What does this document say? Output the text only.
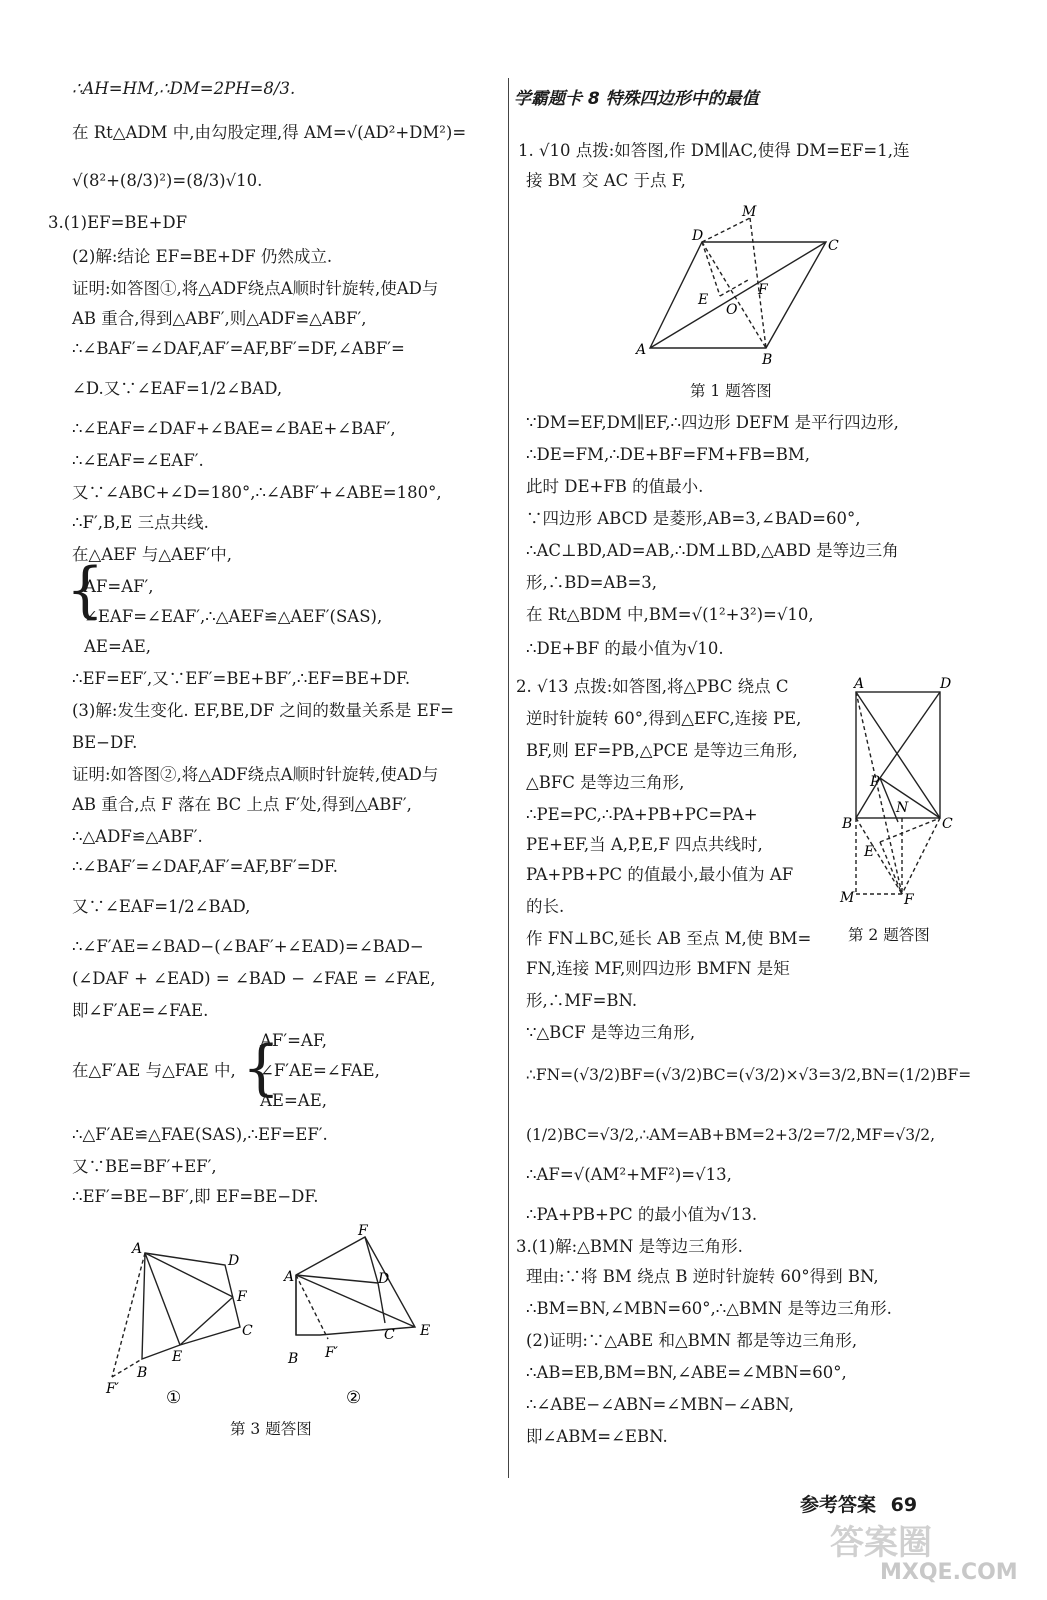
∴AH=HM,∴DM=2PH=8/3.
在 Rt△ADM 中,由勾股定理,得 AM=√(AD²+DM²)=
√(8²+(8/3)²)=(8/3)√10.
3.(1)EF=BE+DF
(2)解:结论 EF=BE+DF 仍然成立.
证明:如答图①,将△ADF绕点A顺时针旋转,使AD与
AB 重合,得到△ABF′,则△ADF≌△ABF′,
∴∠BAF′=∠DAF,AF′=AF,BF′=DF,∠ABF′=
∠D.又∵∠EAF=1/2∠BAD,
∴∠EAF=∠DAF+∠BAE=∠BAE+∠BAF′,
∴∠EAF=∠EAF′.
又∵∠ABC+∠D=180°,∴∠ABF′+∠ABE=180°,
∴F′,B,E 三点共线.
在△AEF 与△AEF′中,
{
AF=AF′,
∠EAF=∠EAF′,∴△AEF≌△AEF′(SAS),
AE=AE,
∴EF=EF′,又∵EF′=BE+BF′,∴EF=BE+DF.
(3)解:发生变化. EF,BE,DF 之间的数量关系是 EF=
BE−DF.
证明:如答图②,将△ADF绕点A顺时针旋转,使AD与
AB 重合,点 F 落在 BC 上点 F′处,得到△ABF′,
∴△ADF≌△ABF′.
∴∠BAF′=∠DAF,AF′=AF,BF′=DF.
又∵∠EAF=1/2∠BAD,
∴∠F′AE=∠BAD−(∠BAF′+∠EAD)=∠BAD−
(∠DAF + ∠EAD) = ∠BAD − ∠FAE = ∠FAE,
即∠F′AE=∠FAE.
AF′=AF,
在△F′AE 与△FAE 中, {
∠F′AE=∠FAE,
AE=AE,
∴△F′AE≌△FAE(SAS),∴EF=EF′.
又∵BE=BF′+EF′,
∴EF′=BE−BF′,即 EF=BE−DF.
A
D
F
C
E
B
F′
F
A	D
E
C
F′
B
①	②
第 3 题答图
学霸题卡 8 特殊四边形中的最值
1. √10 点拨:如答图,作 DM∥AC,使得 DM=EF=1,连
接 BM 交 AC 于点 F,
M
D
C
E
O
F
A
B
第 1 题答图
∵DM=EF,DM∥EF,∴四边形 DEFM 是平行四边形,
∴DE=FM,∴DE+BF=FM+FB=BM,
此时 DE+FB 的值最小.
∵四边形 ABCD 是菱形,AB=3,∠BAD=60°,
∴AC⊥BD,AD=AB,∴DM⊥BD,△ABD 是等边三角
形,∴BD=AB=3,
在 Rt△BDM 中,BM=√(1²+3²)=√10,
∴DE+BF 的最小值为√10.
2. √13 点拨:如答图,将△PBC 绕点 C
逆时针旋转 60°,得到△EFC,连接 PE,
BF,则 EF=PB,△PCE 是等边三角形,
△BFC 是等边三角形,
∴PE=PC,∴PA+PB+PC=PA+
PE+EF,当 A,P,E,F 四点共线时,
PA+PB+PC 的值最小,最小值为 AF
的长.
作 FN⊥BC,延长 AB 至点 M,使 BM=
FN,连接 MF,则四边形 BMFN 是矩
形,∴MF=BN.
∵△BCF 是等边三角形,
∴FN=(√3/2)BF=(√3/2)BC=(√3/2)×√3=3/2,BN=(1/2)BF=
(1/2)BC=√3/2,∴AM=AB+BM=2+3/2=7/2,MF=√3/2,
∴AF=√(AM²+MF²)=√13,
∴PA+PB+PC 的最小值为√13.
3.(1)解:△BMN 是等边三角形.
理由:∵将 BM 绕点 B 逆时针旋转 60°得到 BN,
∴BM=BN,∠MBN=60°,∴△BMN 是等边三角形.
(2)证明:∵△ABE 和△BMN 都是等边三角形,
∴AB=EB,BM=BN,∠ABE=∠MBN=60°,
∴∠ABE−∠ABN=∠MBN−∠ABN,
即∠ABM=∠EBN.
A	D
P
N
B	C
E
M	F
第 2 题答图
参考答案 69
答案圈
MXQE.COM
